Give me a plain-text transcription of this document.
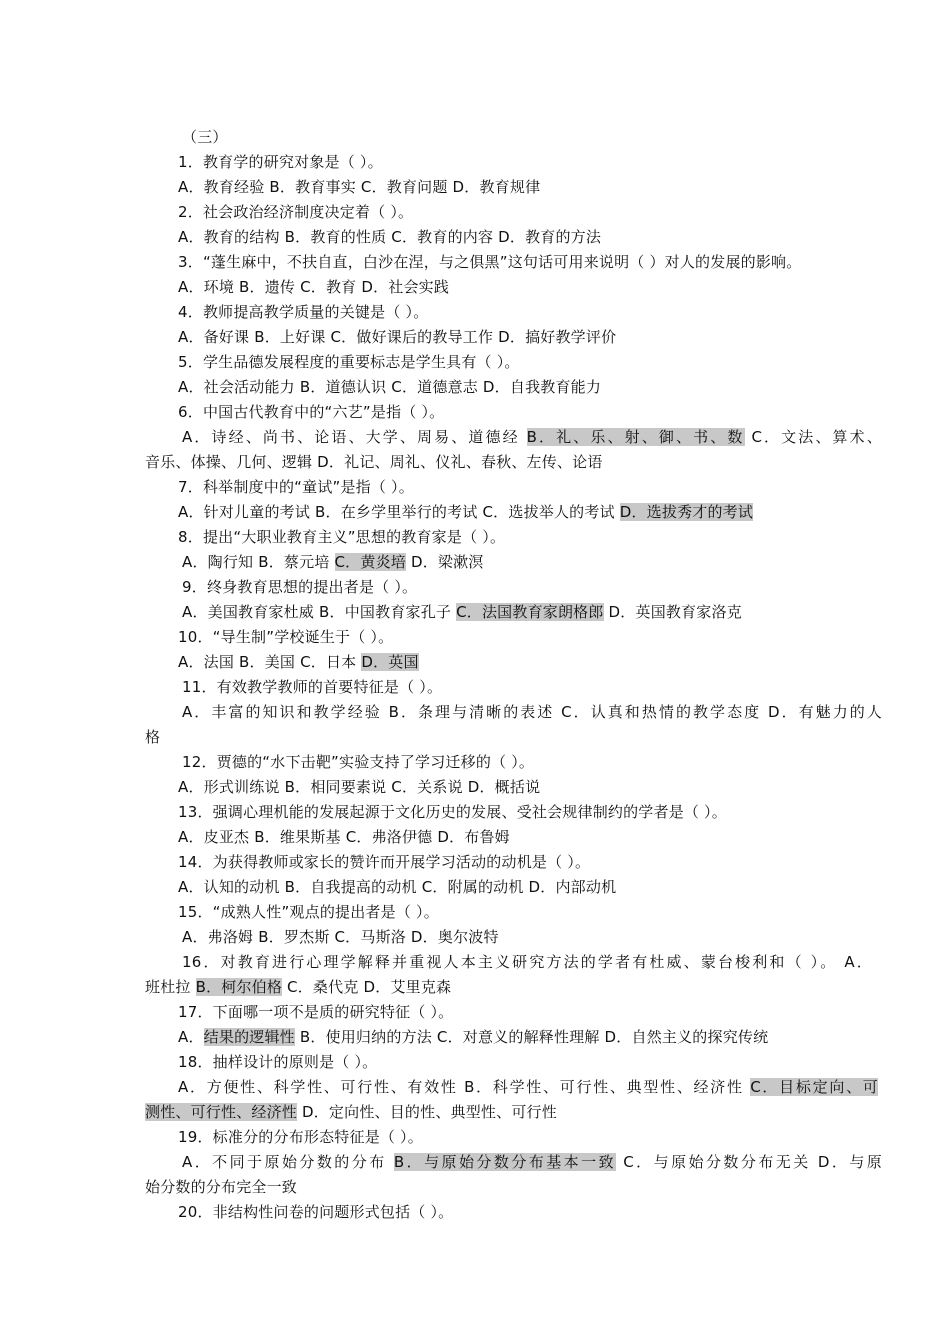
（三）
1．教育学的研究对象是（ ）。
A．教育经验 B．教育事实 C．教育问题 D．教育规律
2．社会政治经济制度决定着（ ）。
A．教育的结构 B．教育的性质 C．教育的内容 D．教育的方法
3．“蓬生麻中，不扶自直，白沙在涅，与之俱黑”这句话可用来说明（ ）对人的发展的影响。
A．环境 B．遗传 C．教育 D．社会实践
4．教师提高教学质量的关键是（ ）。
A．备好课 B．上好课 C．做好课后的教导工作 D．搞好教学评价
5．学生品德发展程度的重要标志是学生具有（ ）。
A．社会活动能力 B．道德认识 C．道德意志 D．自我教育能力
6．中国古代教育中的“六艺”是指（ ）。
A．诗经、尚书、论语、大学、周易、道德经 B．礼、乐、射、御、书、数 C．文法、算术、
音乐、体操、几何、逻辑 D．礼记、周礼、仪礼、春秋、左传、论语
7．科举制度中的“童试”是指（ ）。
A．针对儿童的考试 B．在乡学里举行的考试 C．选拔举人的考试 D．选拔秀才的考试
8．提出“大职业教育主义”思想的教育家是（ ）。
A．陶行知 B．蔡元培 C．黄炎培 D．梁漱溟
9．终身教育思想的提出者是（ ）。
A．美国教育家杜威 B．中国教育家孔子 C．法国教育家朗格郎 D．英国教育家洛克
10．“导生制”学校诞生于（ ）。
A．法国 B．美国 C．日本 D．英国
11．有效教学教师的首要特征是（ ）。
A．丰富的知识和教学经验 B．条理与清晰的表述 C．认真和热情的教学态度 D．有魅力的人
格
12．贾德的“水下击靶”实验支持了学习迁移的（ ）。
A．形式训练说 B．相同要素说 C．关系说 D．概括说
13．强调心理机能的发展起源于文化历史的发展、受社会规律制约的学者是（ ）。
A．皮亚杰 B．维果斯基 C．弗洛伊德 D．布鲁姆
14．为获得教师或家长的赞许而开展学习活动的动机是（ ）。
A．认知的动机 B．自我提高的动机 C．附属的动机 D．内部动机
15．“成熟人性”观点的提出者是（ ）。
A．弗洛姆 B．罗杰斯 C．马斯洛 D．奥尔波特
16．对教育进行心理学解释并重视人本主义研究方法的学者有杜威、蒙台梭利和（ ）。 A．
班杜拉 B．柯尔伯格 C．桑代克 D．艾里克森
17．下面哪一项不是质的研究特征（ ）。
A．结果的逻辑性 B．使用归纳的方法 C．对意义的解释性理解 D．自然主义的探究传统
18．抽样设计的原则是（ ）。
A．方便性、科学性、可行性、有效性 B．科学性、可行性、典型性、经济性 C．目标定向、可
测性、可行性、经济性 D．定向性、目的性、典型性、可行性
19．标准分的分布形态特征是（ ）。
A．不同于原始分数的分布 B．与原始分数分布基本一致 C．与原始分数分布无关 D．与原
始分数的分布完全一致
20．非结构性问卷的问题形式包括（ ）。
